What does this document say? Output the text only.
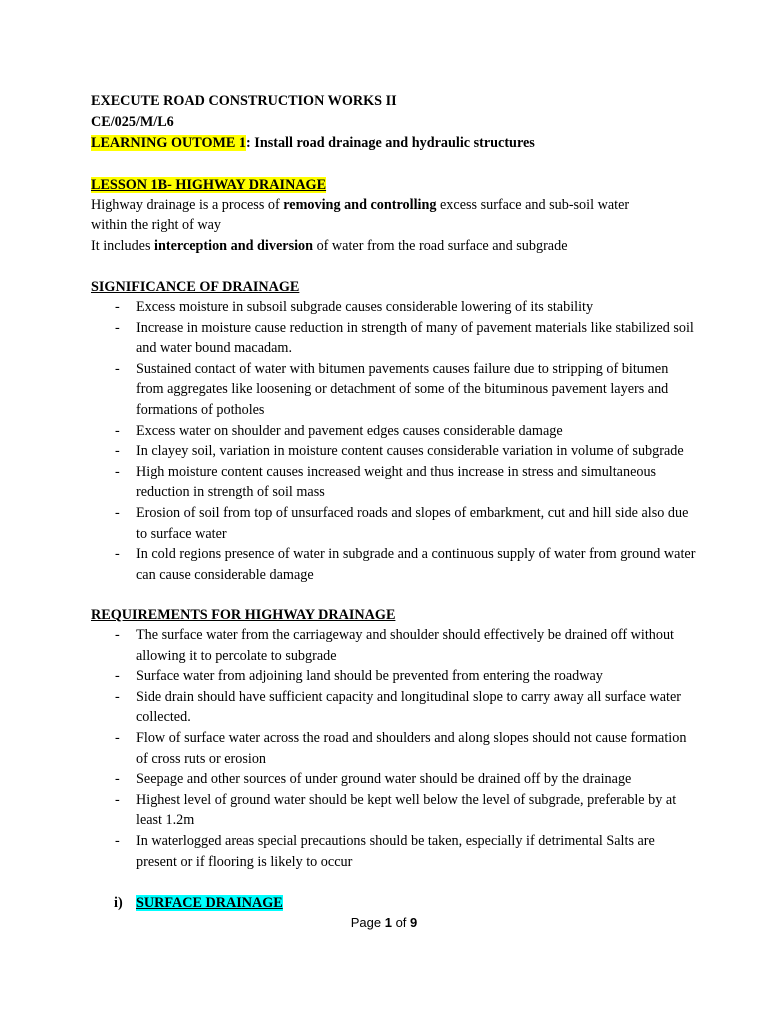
EXECUTE ROAD CONSTRUCTION WORKS II
CE/025/M/L6
LEARNING OUTOME 1: Install road drainage and hydraulic structures
LESSON 1B- HIGHWAY DRAINAGE
Highway drainage is a process of removing and controlling excess surface and sub-soil water
within the right of way
It includes interception and diversion of water from the road surface and subgrade
SIGNIFICANCE OF DRAINAGE
- Excess moisture in subsoil subgrade causes considerable lowering of its stability
- Increase in moisture cause reduction in strength of many of pavement materials like stabilized soil and water bound macadam.
- Sustained contact of water with bitumen pavements causes failure due to stripping of bitumen from aggregates like loosening or detachment of some of the bituminous pavement layers and formations of potholes
- Excess water on shoulder and pavement edges causes considerable damage
- In clayey soil, variation in moisture content causes considerable variation in volume of subgrade
- High moisture content causes increased weight and thus increase in stress and simultaneous reduction in strength of soil mass
- Erosion of soil from top of unsurfaced roads and slopes of embarkment, cut and hill side also due to surface water
- In cold regions presence of water in subgrade and a continuous supply of water from ground water can cause considerable damage
REQUIREMENTS FOR HIGHWAY DRAINAGE
- The surface water from the carriageway and shoulder should effectively be drained off without allowing it to percolate to subgrade
- Surface water from adjoining land should be prevented from entering the roadway
- Side drain should have sufficient capacity and longitudinal slope to carry away all surface water collected.
- Flow of surface water across the road and shoulders and along slopes should not cause formation of cross ruts or erosion
- Seepage and other sources of under ground water should be drained off by the drainage
- Highest level of ground water should be kept well below the level of subgrade, preferable by at least 1.2m
- In waterlogged areas special precautions should be taken, especially if detrimental Salts are present or if flooring is likely to occur
i) SURFACE DRAINAGE
Page 1 of 9
